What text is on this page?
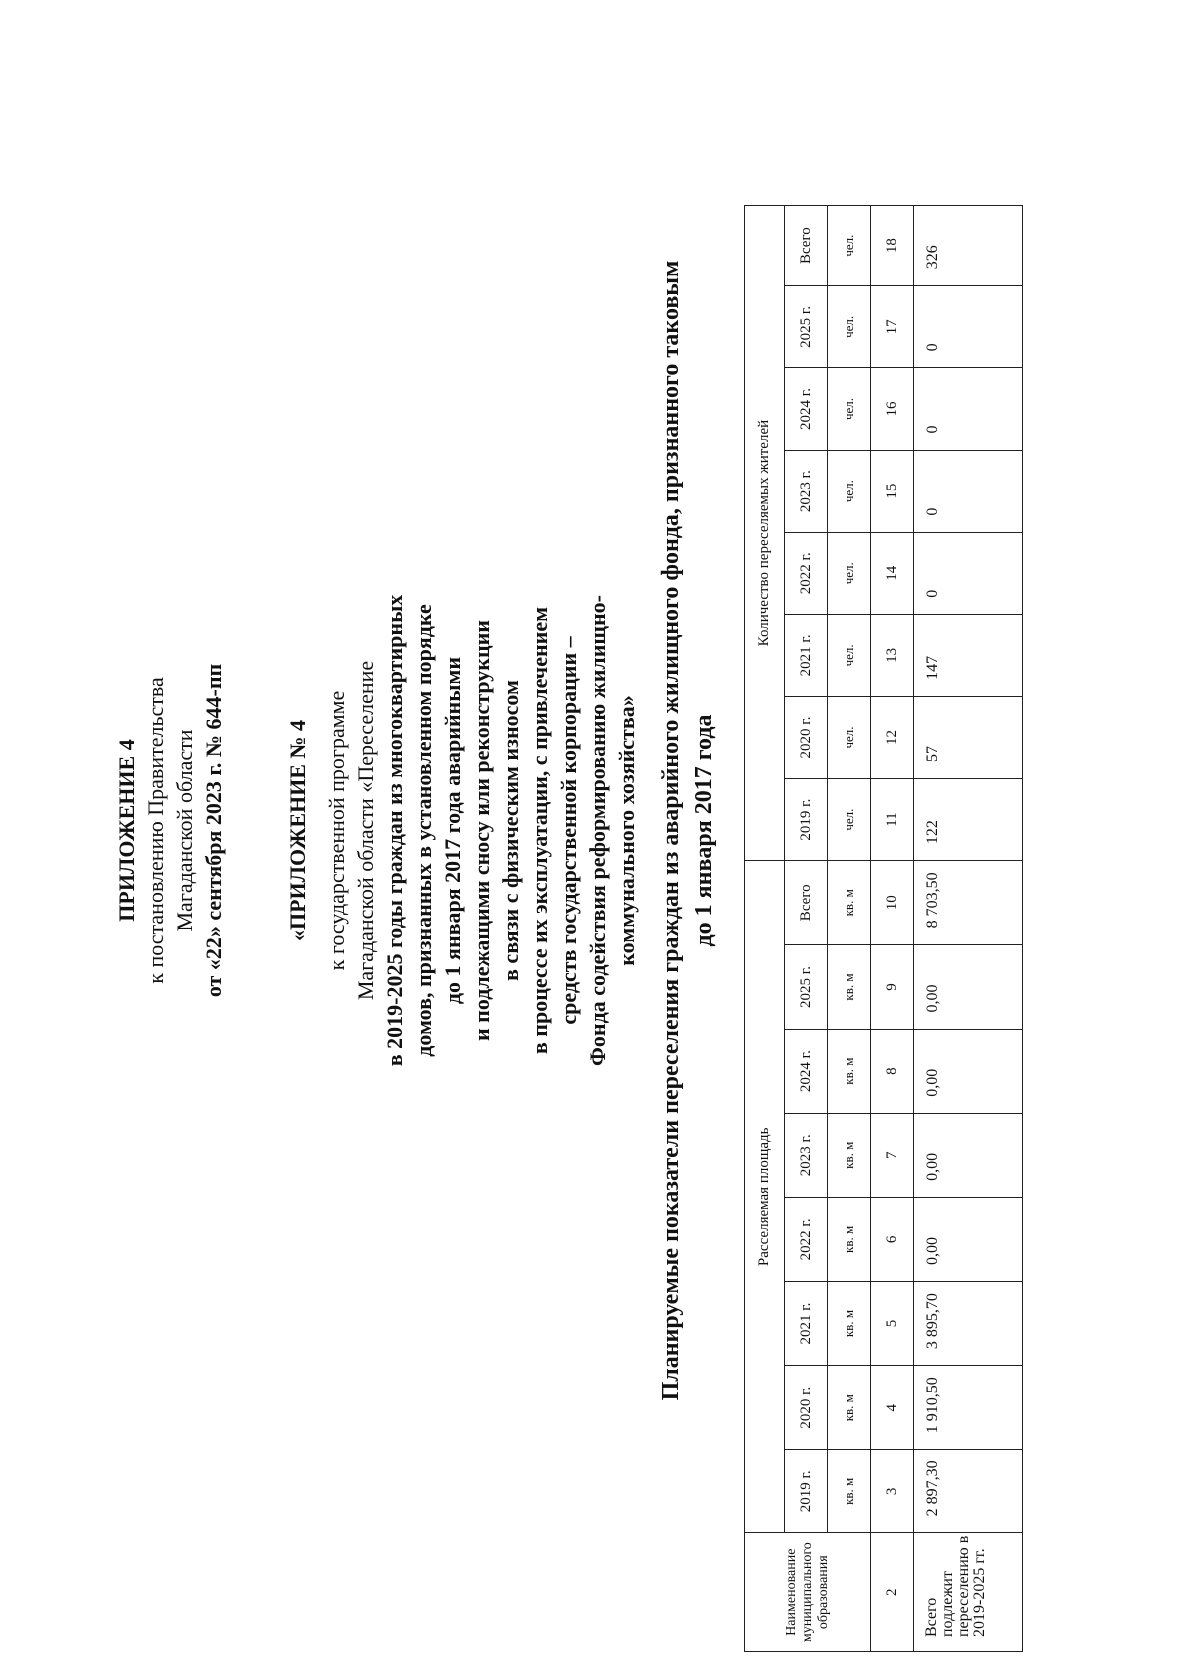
ПРИЛОЖЕНИЕ 4 к постановлению Правительства Магаданской области от «22» сентября 2023 г. № 644-пп	«ПРИЛОЖЕНИЕ № 4 к государственной программе Магаданской области «Переселение в 2019-2025 годы граждан из многоквартирных домов, признанных в установленном порядке до 1 января 2017 года аварийными и подлежащими сносу или реконструкции в связи с физическим износом в процессе их эксплуатации, с привлечением средств государственной корпорации – Фонда содействия реформированию жилищно- коммунального хозяйства» Планируемые показатели переселения граждан из аварийного жилищного фонда, признанного таковым до 1 января 2017 года
Наименование муниципального образования	Расселяемая площадь								Количество переселяемых жителей							
	2019 г.	2020 г.	2021 г.	2022 г.	2023 г.	2024 г.	2025 г.	Всего	2019 г.	2020 г.	2021 г.	2022 г.	2023 г.	2024 г.	2025 г.	Всего
	кв. м	кв. м	кв. м	кв. м	кв. м	кв. м	кв. м	кв. м	чел.	чел.	чел.	чел.	чел.	чел.	чел.	чел.
2	3	4	5	6	7	8	9	10	11	12	13	14	15	16	17	18
Всего подлежит переселению в 2019-2025 гг.	2 897,30	1 910,50	3 895,70	0,00	0,00	0,00	0,00	8 703,50	122	57	147	0	0	0	0	326
